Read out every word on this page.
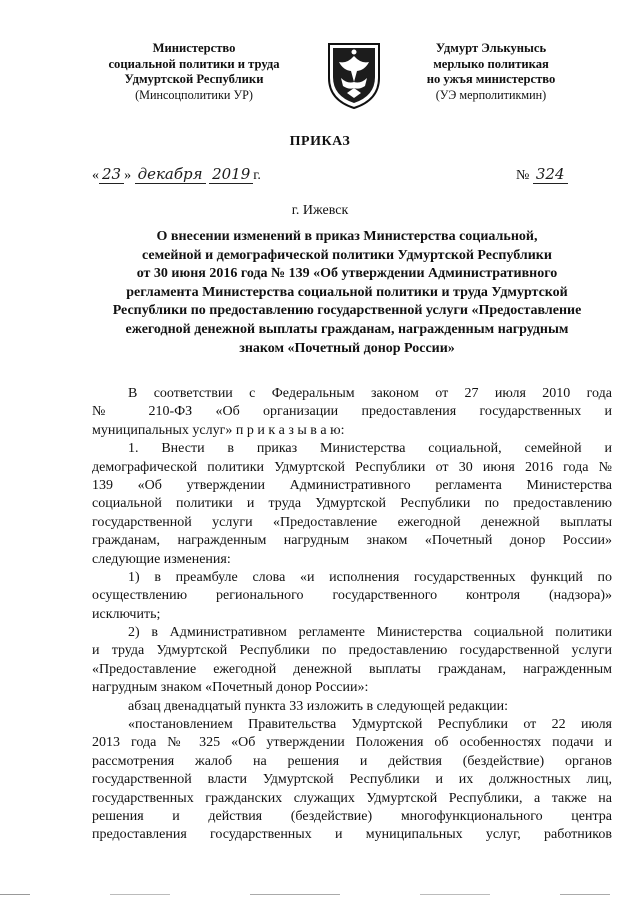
Министерство
социальной политики и труда
Удмуртской Республики
(Минсоцполитики УР)
Удмурт Элькунысь
мерлыко политикая
но ужъя министерство
(УЭ мерполитикмин)
ПРИКАЗ
« 23 » декабря 2019 г.	№ 324
г. Ижевск
О внесении изменений в приказ Министерства социальной,
семейной и демографической политики Удмуртской Республики
от 30 июня 2016 года № 139 «Об утверждении Административного
регламента Министерства социальной политики и труда Удмуртской
Республики по предоставлению государственной услуги «Предоставление
ежегодной денежной выплаты гражданам, награжденным нагрудным
знаком «Почетный донор России»
В соответствии с Федеральным законом от 27 июля 2010 года
№ 210-ФЗ «Об организации предоставления государственных и
муниципальных услуг» п р и к а з ы в а ю:
1. Внести в приказ Министерства социальной, семейной и
демографической политики Удмуртской Республики от 30 июня 2016 года №
139 «Об утверждении Административного регламента Министерства
социальной политики и труда Удмуртской Республики по предоставлению
государственной услуги «Предоставление ежегодной денежной выплаты
гражданам, награжденным нагрудным знаком «Почетный донор России»
следующие изменения:
1) в преамбуле слова «и исполнения государственных функций по
осуществлению регионального государственного контроля (надзора)»
исключить;
2) в Административном регламенте Министерства социальной политики
и труда Удмуртской Республики по предоставлению государственной услуги
«Предоставление ежегодной денежной выплаты гражданам, награжденным
нагрудным знаком «Почетный донор России»:
абзац двенадцатый пункта 33 изложить в следующей редакции:
«постановлением Правительства Удмуртской Республики от 22 июля
2013 года № 325 «Об утверждении Положения об особенностях подачи и
рассмотрения жалоб на решения и действия (бездействие) органов
государственной власти Удмуртской Республики и их должностных лиц,
государственных гражданских служащих Удмуртской Республики, а также на
решения и действия (бездействие) многофункционального центра
предоставления государственных и муниципальных услуг, работников
